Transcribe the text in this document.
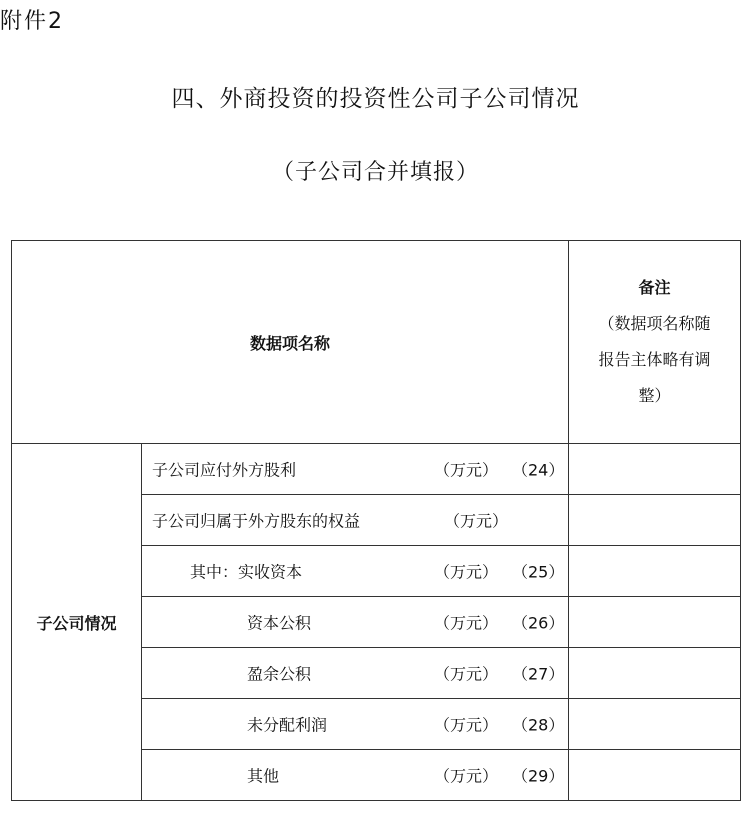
附件2
四、外商投资的投资性公司子公司情况
（子公司合并填报）
数据项名称		备注
（数据项名称随
报告主体略有调
整）

子公司情况	子公司应付外方股利 （万元） （24）	

	子公司归属于外方股东的权益 （万元）	

	其中：实收资本 （万元） （25）	

	资本公积 （万元） （26）	

	盈余公积 （万元） （27）	

	未分配利润 （万元） （28）	

	其他 （万元） （29）	
